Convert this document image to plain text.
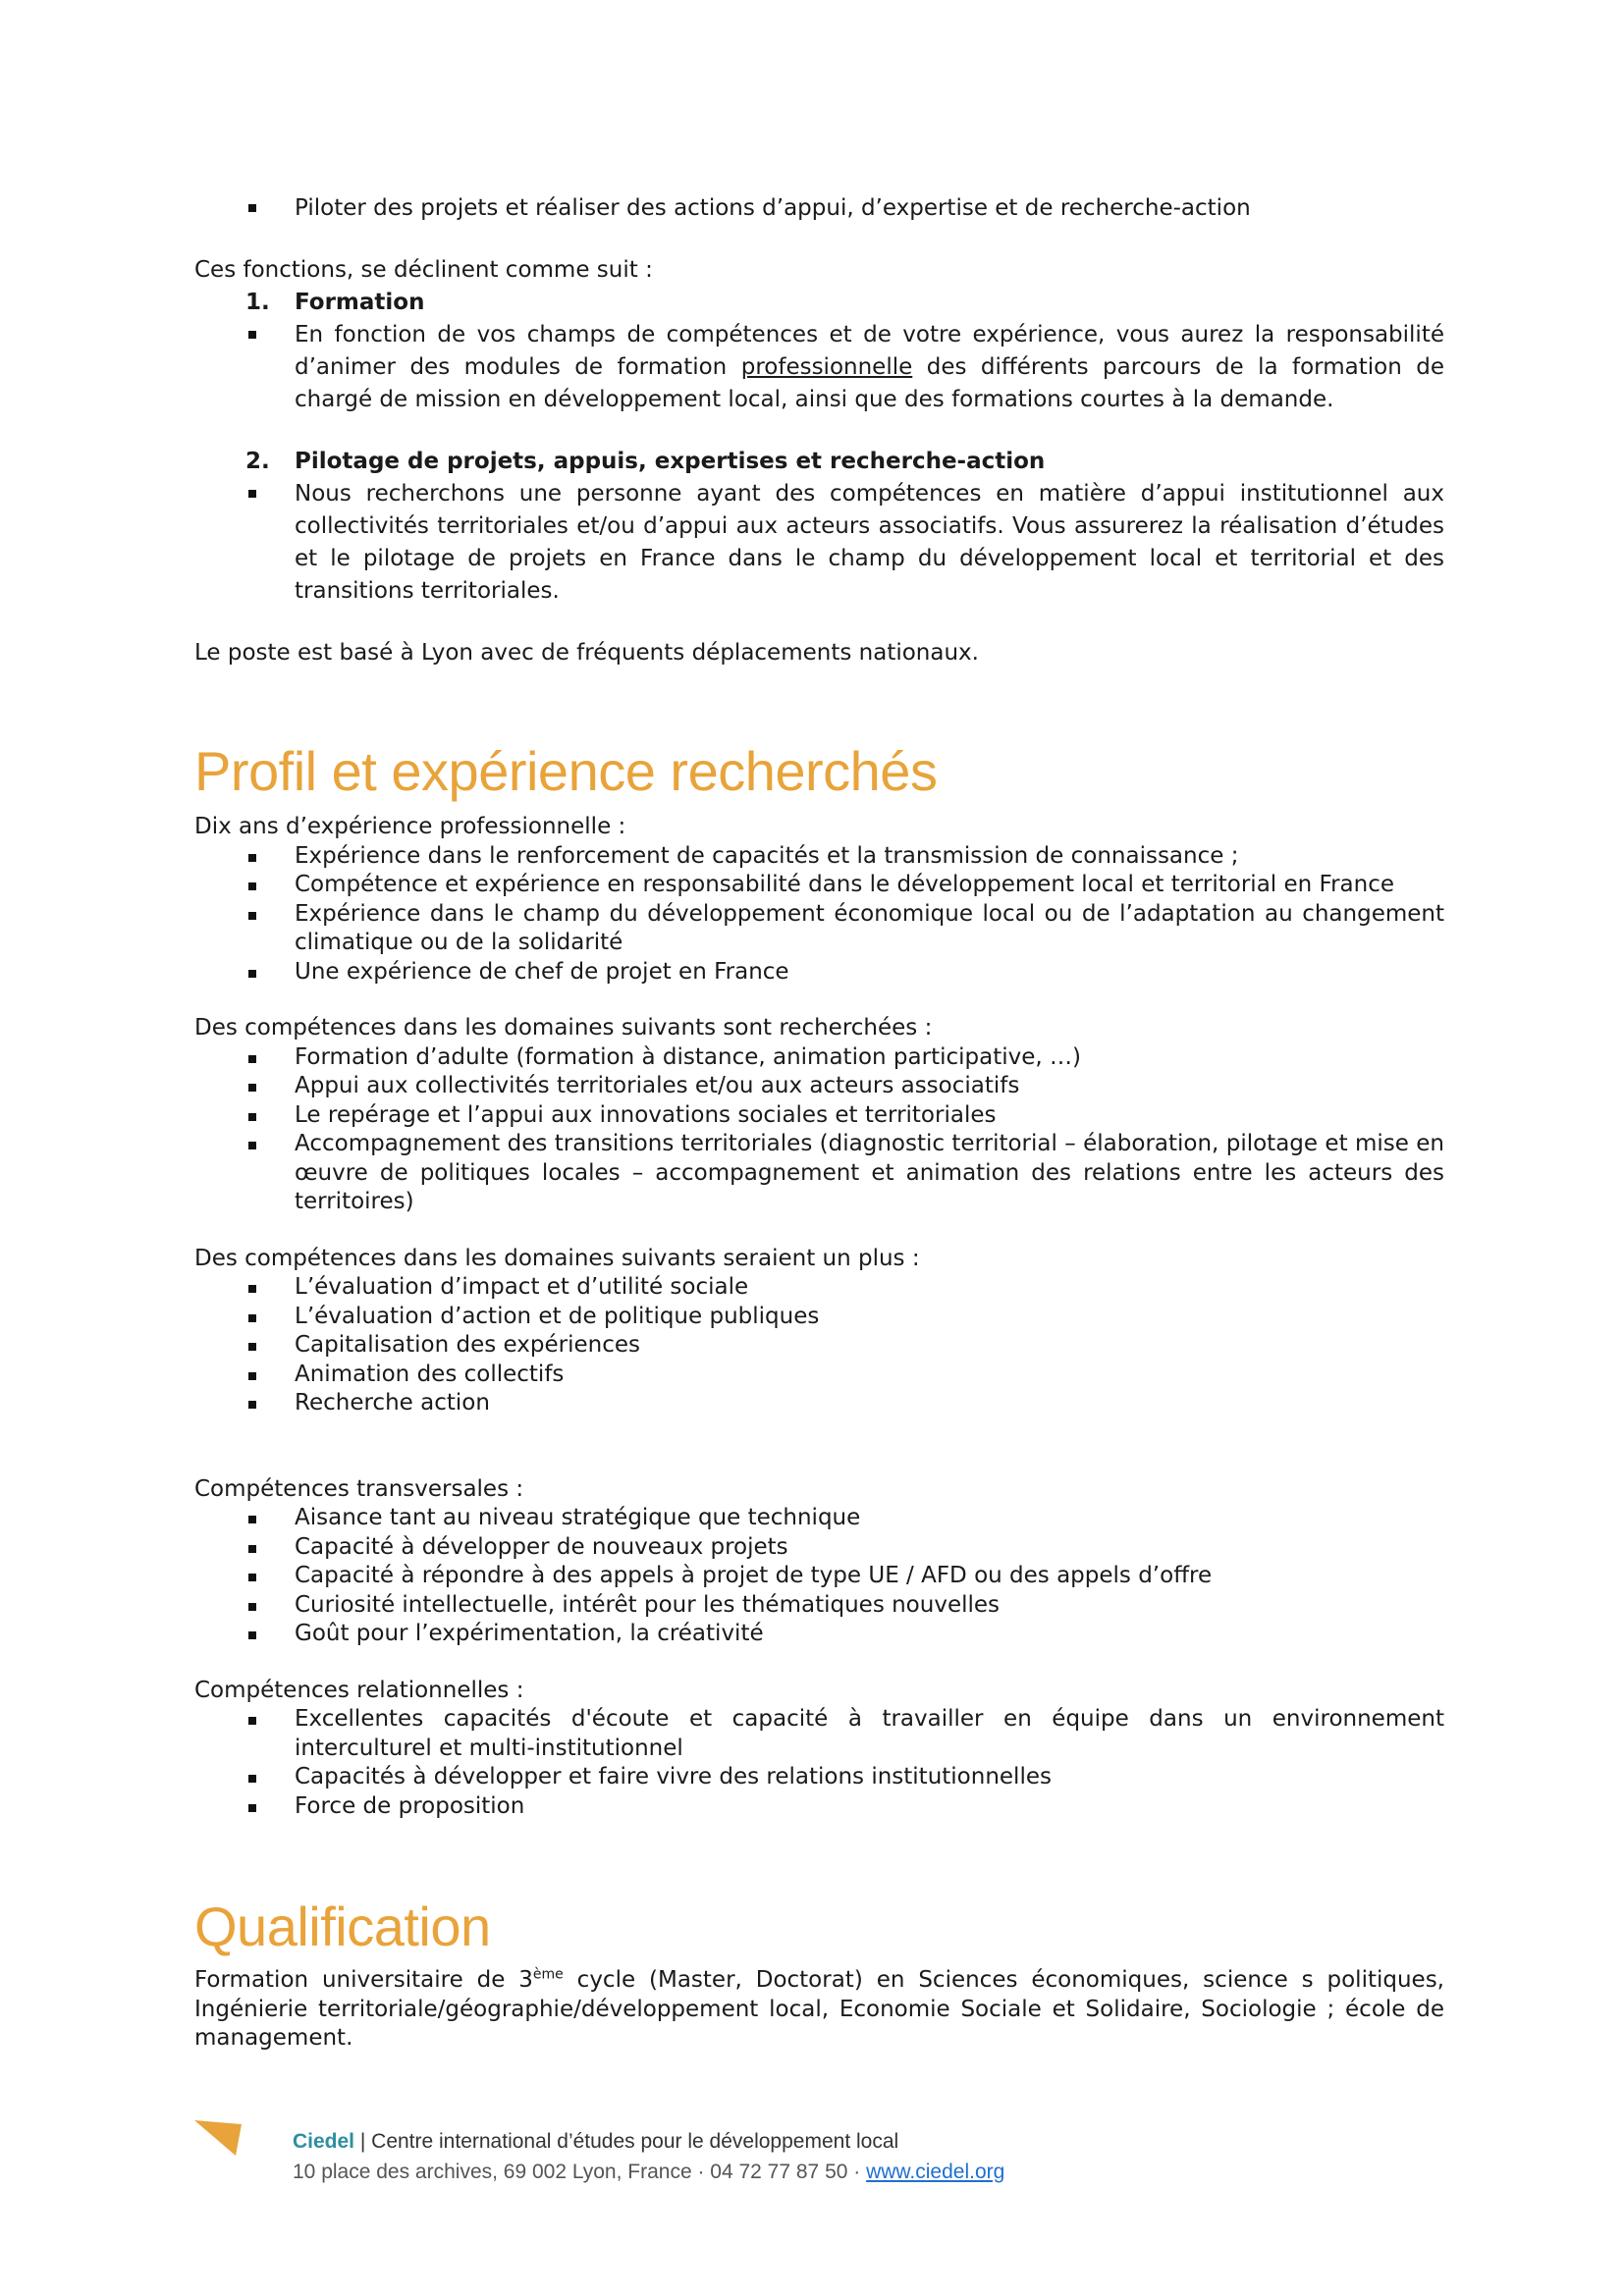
Piloter des projets et réaliser des actions d’appui, d’expertise et de recherche-action

Ces fonctions, se déclinent comme suit :

1. Formation
En fonction de vos champs de compétences et de votre expérience, vous aurez la responsabilité d’animer des modules de formation professionnelle des différents parcours de la formation de chargé de mission en développement local, ainsi que des formations courtes à la demande.
2. Pilotage de projets, appuis, expertises et recherche-action
Nous recherchons une personne ayant des compétences en matière d’appui institutionnel aux collectivités territoriales et/ou d’appui aux acteurs associatifs. Vous assurerez la réalisation d’études et le pilotage de projets en France dans le champ du développement local et territorial et des transitions territoriales.

Le poste est basé à Lyon avec de fréquents déplacements nationaux.

Profil et expérience recherchés

Dix ans d’expérience professionnelle :

Expérience dans le renforcement de capacités et la transmission de connaissance ;
Compétence et expérience en responsabilité dans le développement local et territorial en France
Expérience dans le champ du développement économique local ou de l’adaptation au changement climatique ou de la solidarité
Une expérience de chef de projet en France

Des compétences dans les domaines suivants sont recherchées :

Formation d’adulte (formation à distance, animation participative, …)
Appui aux collectivités territoriales et/ou aux acteurs associatifs
Le repérage et l’appui aux innovations sociales et territoriales
Accompagnement des transitions territoriales (diagnostic territorial – élaboration, pilotage et mise en œuvre de politiques locales – accompagnement et animation des relations entre les acteurs des territoires)

Des compétences dans les domaines suivants seraient un plus :

L’évaluation d’impact et d’utilité sociale
L’évaluation d’action et de politique publiques
Capitalisation des expériences
Animation des collectifs
Recherche action

Compétences transversales :

Aisance tant au niveau stratégique que technique
Capacité à développer de nouveaux projets
Capacité à répondre à des appels à projet de type UE / AFD ou des appels d’offre
Curiosité intellectuelle, intérêt pour les thématiques nouvelles
Goût pour l’expérimentation, la créativité

Compétences relationnelles :

Excellentes capacités d'écoute et capacité à travailler en équipe dans un environnement interculturel et multi-institutionnel
Capacités à développer et faire vivre des relations institutionnelles
Force de proposition
Qualification

Formation universitaire de 3ème cycle (Master, Doctorat) en Sciences économiques, science s politiques, Ingénierie territoriale/géographie/développement local, Economie Sociale et Solidaire, Sociologie ; école de management.

Ciedel | Centre international d’études pour le développement local
10 place des archives, 69 002 Lyon, France · 04 72 77 87 50 · www.ciedel.org
